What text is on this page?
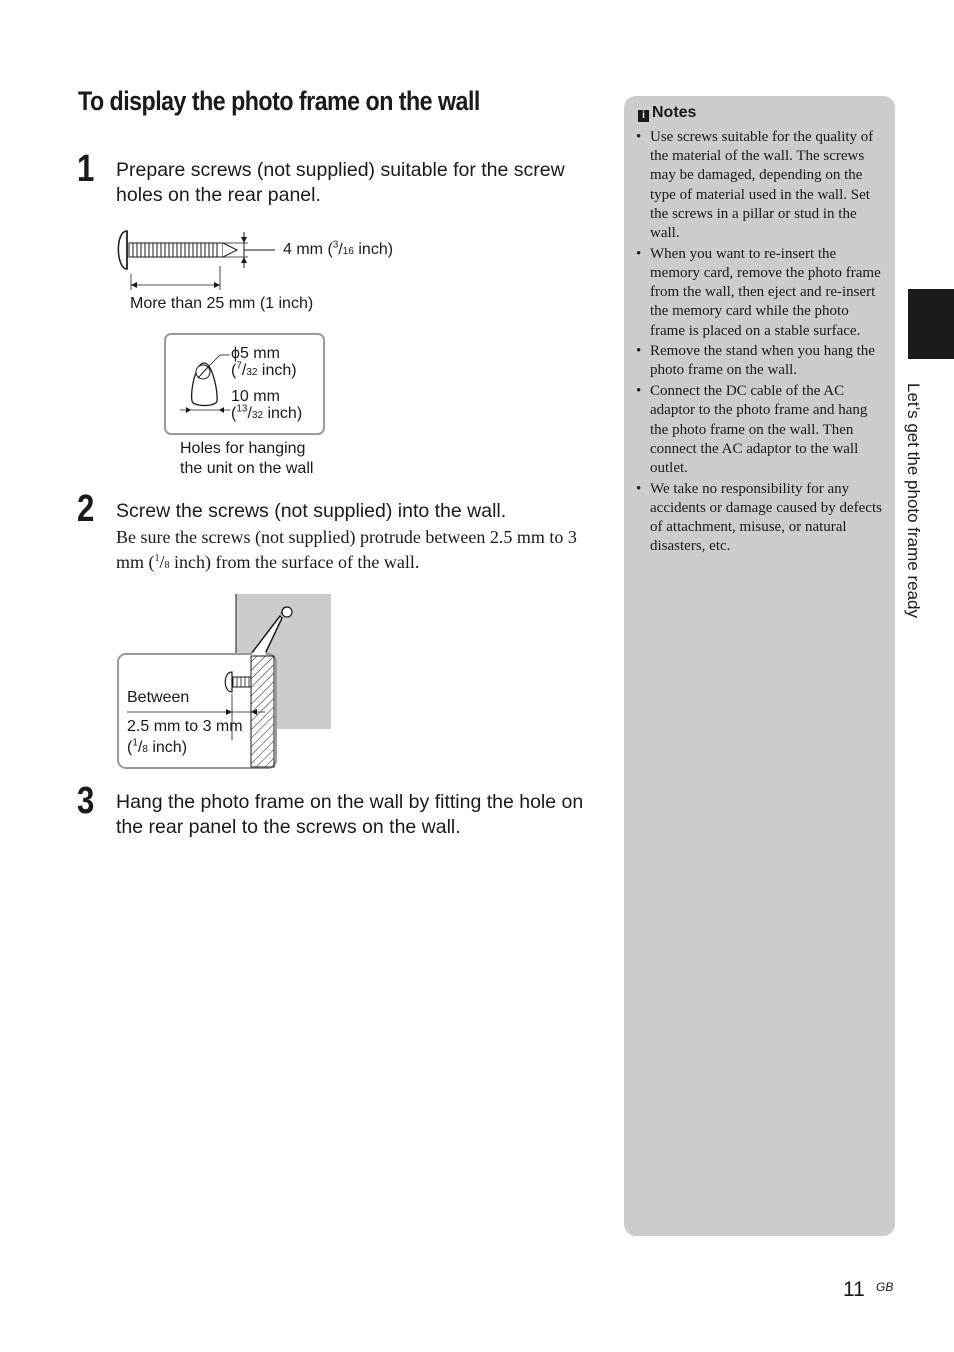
To display the photo frame on the wall
1 Prepare screws (not supplied) suitable for the screw holes on the rear panel.
4 mm ($^3$/16 inch)
More than 25 mm (1 inch)
ϕ5 mm
($^7$/32 inch)
10 mm
($^{13}$/32 inch)
Holes for hanging
the unit on the wall
2 Screw the screws (not supplied) into the wall.
Be sure the screws (not supplied) protrude between 2.5 mm to 3 mm ($^1$/8 inch) from the surface of the wall.
Between
2.5 mm to 3 mm
($^1$/8 inch)
3 Hang the photo frame on the wall by fitting the hole on the rear panel to the screws on the wall.
i Notes
• Use screws suitable for the quality of the material of the wall. The screws may be damaged, depending on the type of material used in the wall. Set the screws in a pillar or stud in the wall.
• When you want to re-insert the memory card, remove the photo frame from the wall, then eject and re-insert the memory card while the photo frame is placed on a stable surface.
• Remove the stand when you hang the photo frame on the wall.
• Connect the DC cable of the AC adaptor to the photo frame and hang the photo frame on the wall. Then connect the AC adaptor to the wall outlet.
• We take no responsibility for any accidents or damage caused by defects of attachment, misuse, or natural disasters, etc.	Let’s get the photo frame ready
11 GB
